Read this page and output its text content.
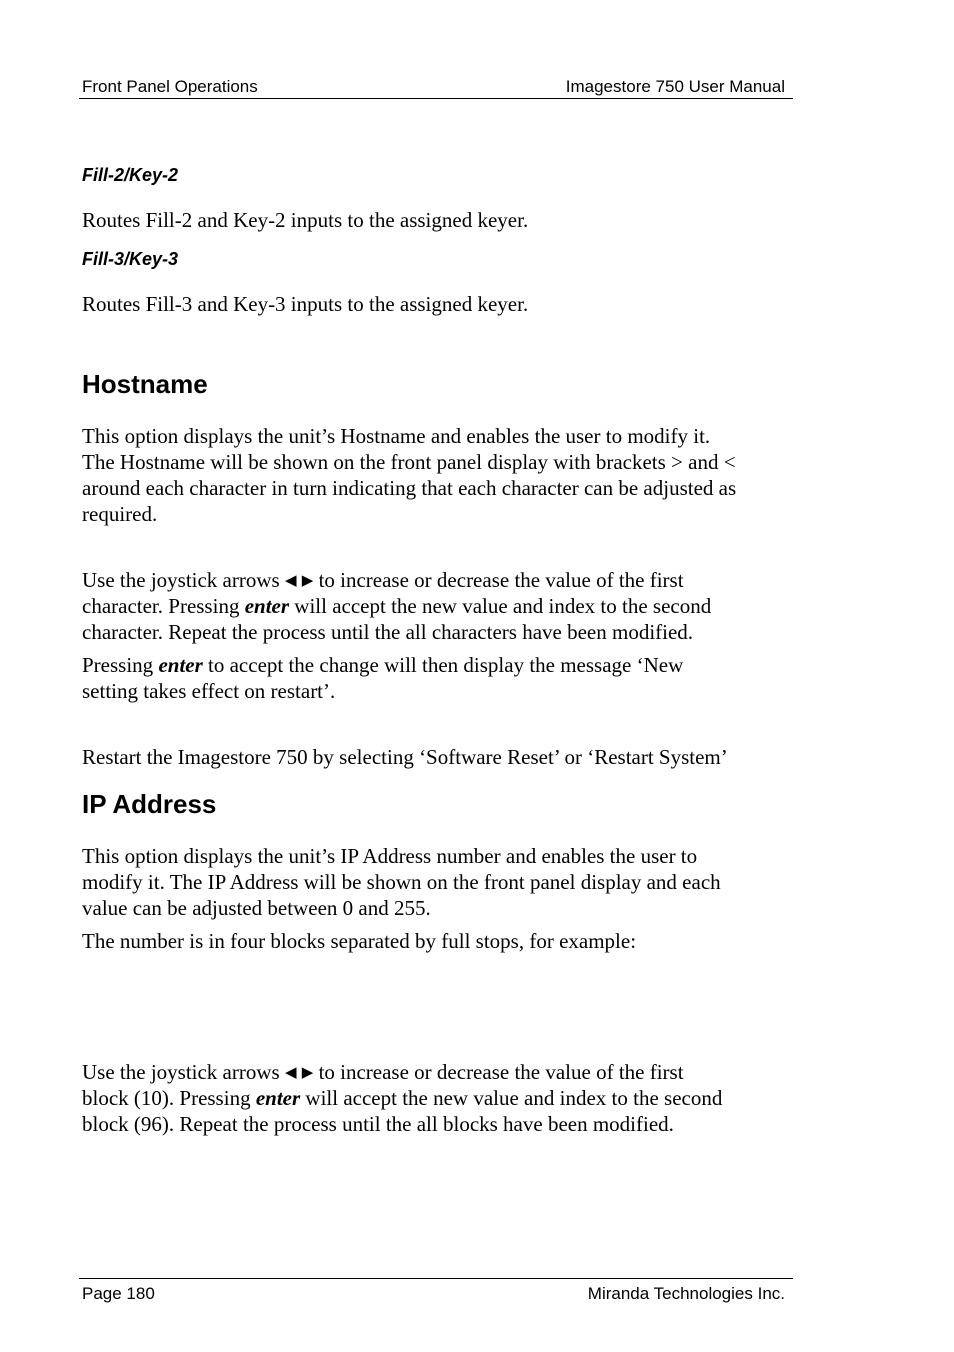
Front Panel Operations	Imagestore 750 User Manual
Fill-2/Key-2
Routes Fill-2 and Key-2 inputs to the assigned keyer.
Fill-3/Key-3
Routes Fill-3 and Key-3 inputs to the assigned keyer.
Hostname
This option displays the unit’s Hostname and enables the user to modify it.
The Hostname will be shown on the front panel display with brackets > and <
around each character in turn indicating that each character can be adjusted as
required.
Use the joystick arrows ◀ ▶ to increase or decrease the value of the first
character. Pressing enter will accept the new value and index to the second
character. Repeat the process until the all characters have been modified.
Pressing enter to accept the change will then display the message ‘New
setting takes effect on restart’.
Restart the Imagestore 750 by selecting ‘Software Reset’ or ‘Restart System’
IP Address
This option displays the unit’s IP Address number and enables the user to
modify it. The IP Address will be shown on the front panel display and each
value can be adjusted between 0 and 255.
The number is in four blocks separated by full stops, for example:
Use the joystick arrows ◀ ▶ to increase or decrease the value of the first
block (10). Pressing enter will accept the new value and index to the second
block (96). Repeat the process until the all blocks have been modified.
Page 180	Miranda Technologies Inc.
